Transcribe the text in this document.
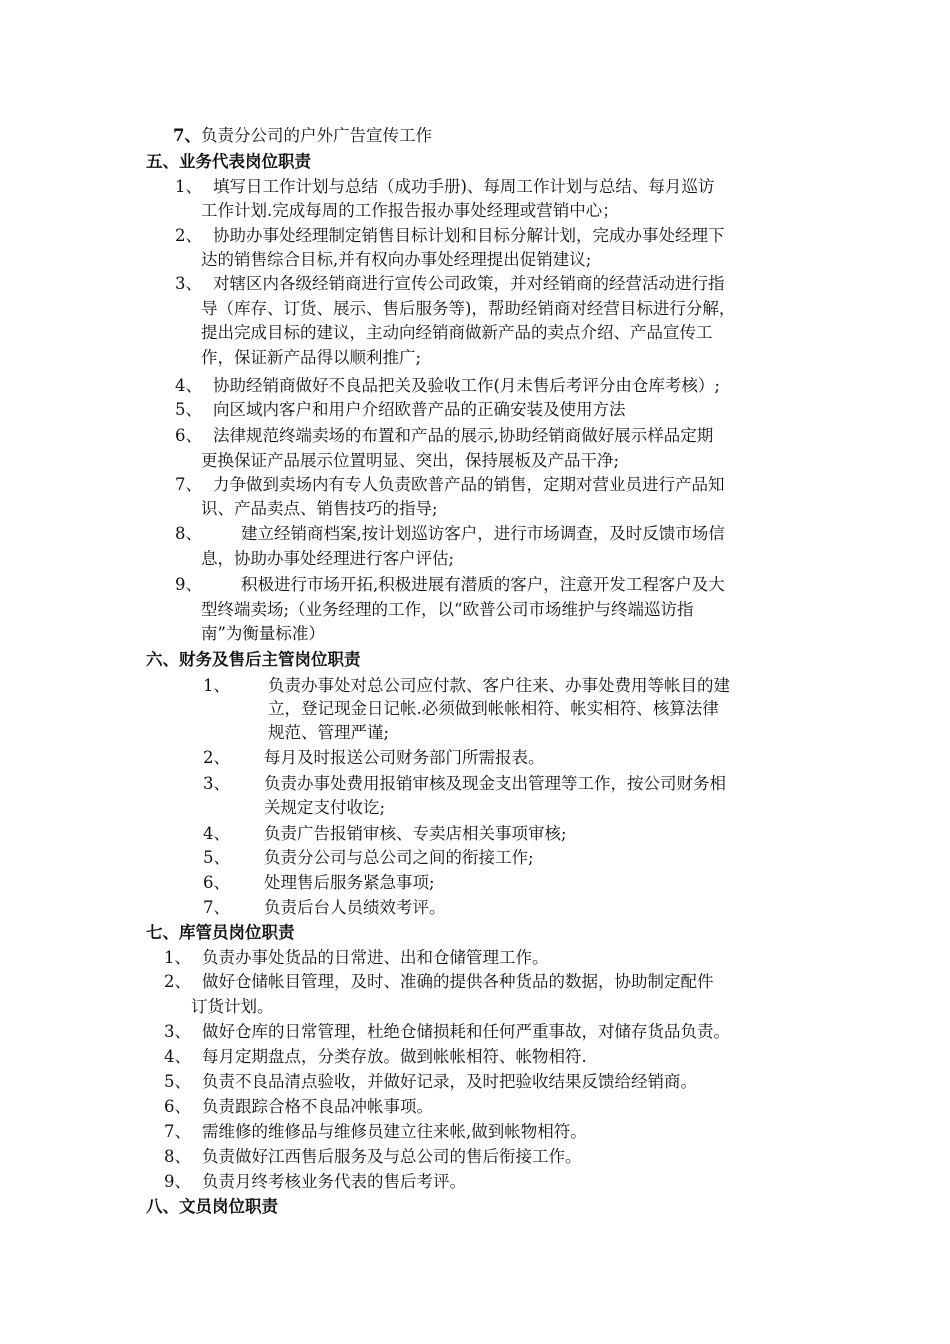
7、负责分公司的户外广告宣传工作
五、业务代表岗位职责
1、 填写日工作计划与总结（成功手册)、每周工作计划与总结、每月巡访
工作计划.完成每周的工作报告报办事处经理或营销中心；
2、 协助办事处经理制定销售目标计划和目标分解计划，完成办事处经理下
达的销售综合目标,并有权向办事处经理提出促销建议;
3、 对辖区内各级经销商进行宣传公司政策，并对经销商的经营活动进行指
导（库存、订货、展示、售后服务等)，帮助经销商对经营目标进行分解，
提出完成目标的建议，主动向经销商做新产品的卖点介绍、产品宣传工
作，保证新产品得以顺利推广;
4、 协助经销商做好不良品把关及验收工作(月未售后考评分由仓库考核）;
5、 向区域内客户和用户介绍欧普产品的正确安装及使用方法
6、 法律规范终端卖场的布置和产品的展示,协助经销商做好展示样品定期
更换保证产品展示位置明显、突出，保持展板及产品干净;
7、 力争做到卖场内有专人负责欧普产品的销售，定期对营业员进行产品知
识、产品卖点、销售技巧的指导;
8、 建立经销商档案,按计划巡访客户，进行市场调查，及时反馈市场信
息，协助办事处经理进行客户评估;
9、 积极进行市场开拓,积极进展有潜质的客户，注意开发工程客户及大
型终端卖场;（业务经理的工作，以“欧普公司市场维护与终端巡访指
南”为衡量标准）
六、财务及售后主管岗位职责
1、 负责办事处对总公司应付款、客户往来、办事处费用等帐目的建
立，登记现金日记帐.必须做到帐帐相符、帐实相符、核算法律
规范、管理严谨;
2、 每月及时报送公司财务部门所需报表。
3、 负责办事处费用报销审核及现金支出管理等工作，按公司财务相
关规定支付收讫;
4、 负责广告报销审核、专卖店相关事项审核;
5、 负责分公司与总公司之间的衔接工作;
6、 处理售后服务紧急事项;
7、 负责后台人员绩效考评。
七、库管员岗位职责
1、 负责办事处货品的日常进、出和仓储管理工作。
2、 做好仓储帐目管理，及时、准确的提供各种货品的数据，协助制定配件
订货计划。
3、 做好仓库的日常管理，杜绝仓储损耗和任何严重事故，对储存货品负责。
4、 每月定期盘点，分类存放。做到帐帐相符、帐物相符.
5、 负责不良品清点验收，并做好记录，及时把验收结果反馈给经销商。
6、 负责跟踪合格不良品冲帐事项。
7、 需维修的维修品与维修员建立往来帐,做到帐物相符。
8、 负责做好江西售后服务及与总公司的售后衔接工作。
9、 负责月终考核业务代表的售后考评。
八、文员岗位职责
